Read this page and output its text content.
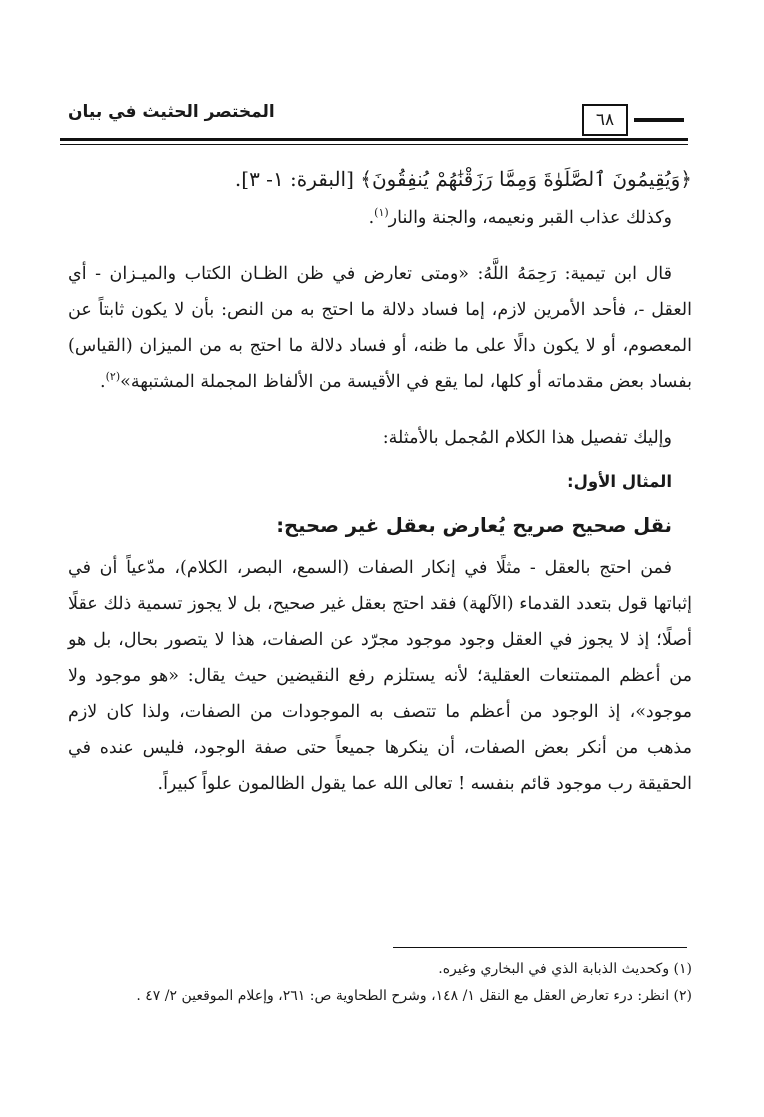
المختصر الحثيث في بيان	٦٨

﴿وَيُقِيمُونَ ٱلصَّلَوٰةَ وَمِمَّا رَزَقْنَٰهُمْ يُنفِقُونَ﴾ [البقرة: ١- ٣].

وكذلك عذاب القبر ونعيمه، والجنة والنار$^{(١)}$.

قال ابن تيمية: رَحِمَهُ اللَّهُ: «ومتى تعارض في ظن الظـان الكتاب والميـزان - أي العقل -، فأحد الأمرين لازم، إما فساد دلالة ما احتج به من النص: بأن لا يكون ثابتاً عن المعصوم، أو لا يكون دالًا على ما ظنه، أو فساد دلالة ما احتج به من الميزان (القياس) بفساد بعض مقدماته أو كلها، لما يقع في الأقيسة من الألفاظ المجملة المشتبهة»$^{(٢)}$.

وإليك تفصيل هذا الكلام المُجمل بالأمثلة:

المثال الأول:

نقل صحيح صريح يُعارض بعقل غير صحيح:

فمن احتج بالعقل - مثلًا في إنكار الصفات (السمع، البصر، الكلام)، مدّعياً أن في إثباتها قول بتعدد القدماء (الآلهة) فقد احتج بعقل غير صحيح، بل لا يجوز تسمية ذلك عقلًا أصلًا؛ إذ لا يجوز في العقل وجود موجود مجرّد عن الصفات، هذا لا يتصور بحال، بل هو من أعظم الممتنعات العقلية؛ لأنه يستلزم رفع النقيضين حيث يقال: «هو موجود ولا موجود»، إذ الوجود من أعظم ما تتصف به الموجودات من الصفات، ولذا كان لازم مذهب من أنكر بعض الصفات، أن ينكرها جميعاً حتى صفة الوجود، فليس عنده في الحقيقة رب موجود قائم بنفسه ! تعالى الله عما يقول الظالمون علواً كبيراً.

(١) وكحديث الذبابة الذي في البخاري وغيره.

(٢) انظر: درء تعارض العقل مع النقل ١/ ١٤٨، وشرح الطحاوية ص: ٢٦١، وإعلام الموقعين ٢/ ٤٧ .
